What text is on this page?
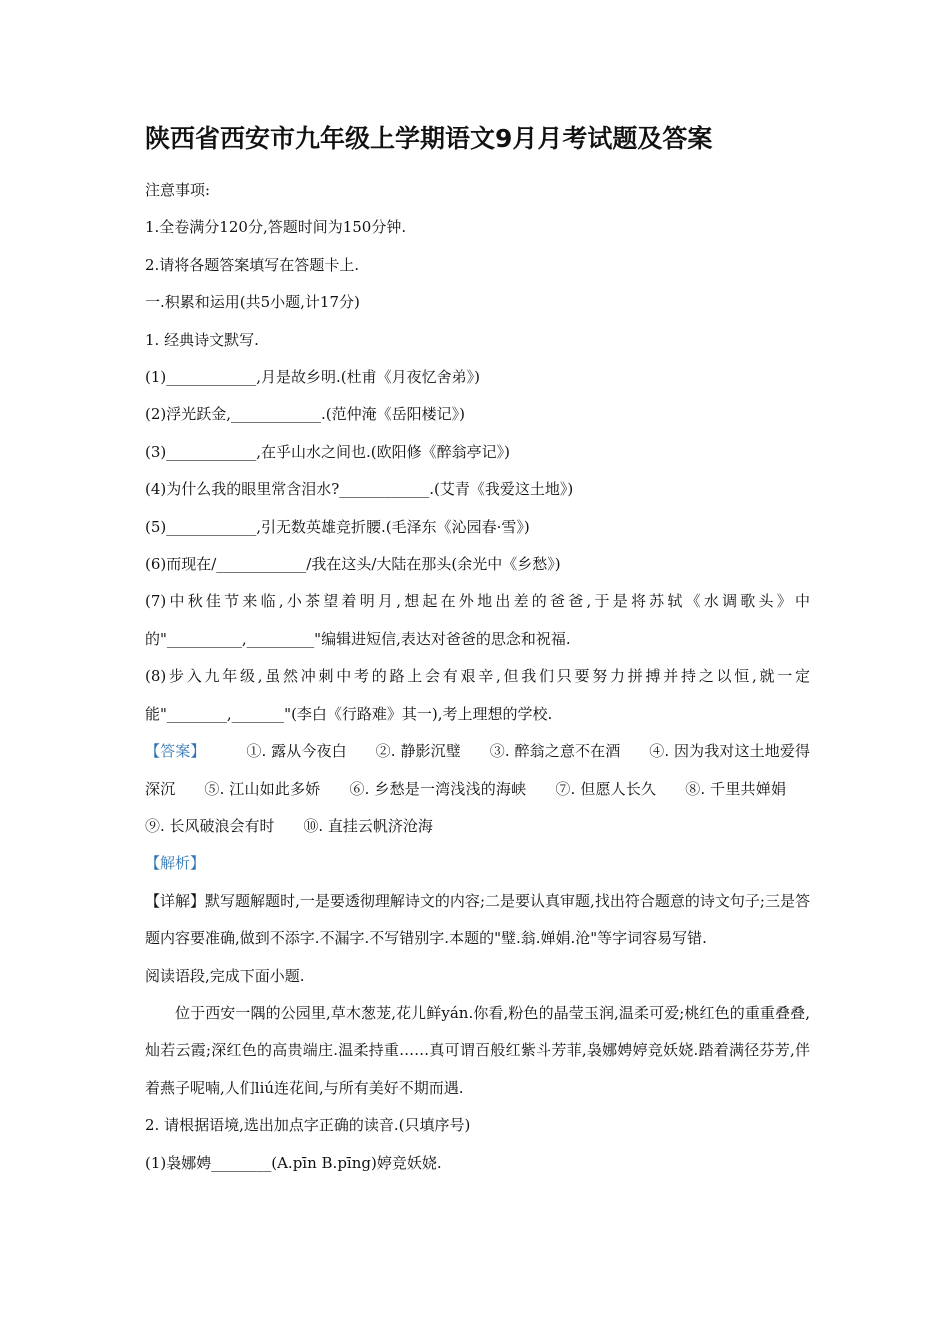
陕西省西安市九年级上学期语文9月月考试题及答案
注意事项:
1.全卷满分120分,答题时间为150分钟.
2.请将各题答案填写在答题卡上.
一.积累和运用(共5小题,计17分)
1. 经典诗文默写.
(1)____________,月是故乡明.(杜甫《月夜忆舍弟》)
(2)浮光跃金,____________.(范仲淹《岳阳楼记》)
(3)____________,在乎山水之间也.(欧阳修《醉翁亭记》)
(4)为什么我的眼里常含泪水?____________.(艾青《我爱这土地》)
(5)____________,引无数英雄竞折腰.(毛泽东《沁园春·雪》)
(6)而现在/____________/我在这头/大陆在那头(余光中《乡愁》)
(7)中秋佳节来临,小茶望着明月,想起在外地出差的爸爸,于是将苏轼《水调歌头》中的"__________,_________"编辑进短信,表达对爸爸的思念和祝福.
(8)步入九年级,虽然冲刺中考的路上会有艰辛,但我们只要努力拼搏并持之以恒,就一定能"________,_______"(李白《行路难》其一),考上理想的学校.
【答案】	①. 露从今夜白 ②. 静影沉璧 ③. 醉翁之意不在酒 ④. 因为我对这土地爱得深沉 ⑤. 江山如此多娇 ⑥. 乡愁是一湾浅浅的海峡 ⑦. 但愿人长久 ⑧. 千里共婵娟 ⑨. 长风破浪会有时 ⑩. 直挂云帆济沧海
【解析】
【详解】默写题解题时,一是要透彻理解诗文的内容;二是要认真审题,找出符合题意的诗文句子;三是答题内容要准确,做到不添字.不漏字.不写错别字.本题的"璧.翁.婵娟.沧"等字词容易写错.
阅读语段,完成下面小题.
位于西安一隅的公园里,草木葱茏,花儿鲜yán.你看,粉色的晶莹玉润,温柔可爱;桃红色的重重叠叠,灿若云霞;深红色的高贵端庄.温柔持重……真可谓百般红紫斗芳菲,袅娜娉婷竞妖娆.踏着满径芬芳,伴着燕子呢喃,人们liú连花间,与所有美好不期而遇.
2. 请根据语境,选出加点字正确的读音.(只填序号)
(1)袅娜娉________(A.pīn B.pīng)婷竞妖娆.
